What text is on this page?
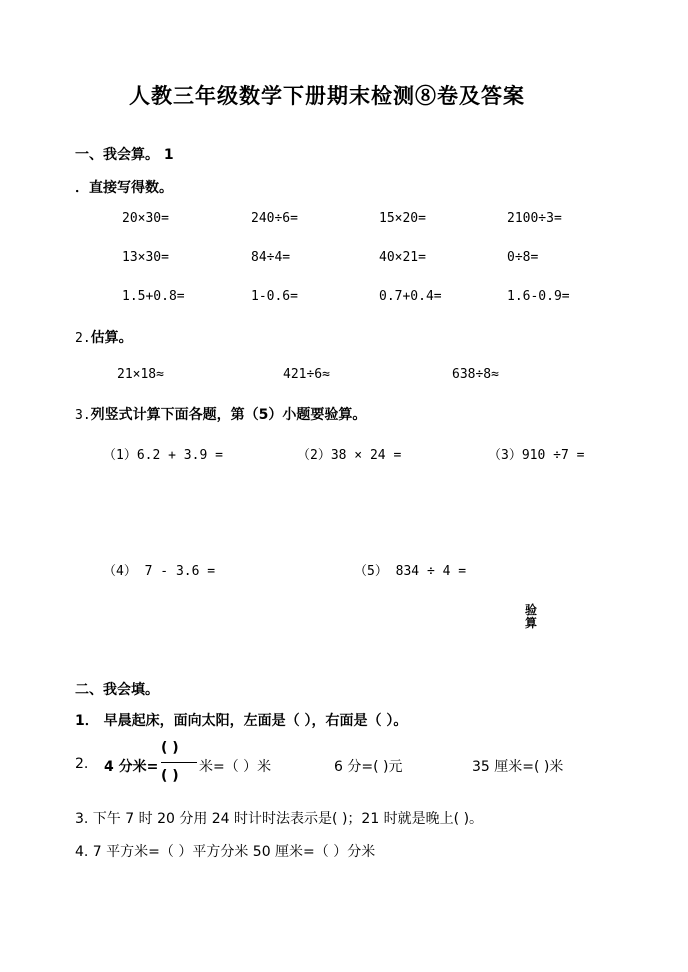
人教三年级数学下册期末检测⑧卷及答案
一、我会算。 1
．直接写得数。
20×30=	240÷6=	15×20=	2100÷3=
13×30=	84÷4=	40×21=	0÷8=
1.5+0.8=	1-0.6=	0.7+0.4=	1.6-0.9=
2.估算。
21×18≈	421÷6≈	638÷8≈
3.列竖式计算下面各题，第（5）小题要验算。
（1）6.2 + 3.9 =	（2）38 × 24 =	（3）910 ÷7 =
（4） 7 - 3.6 =	（5） 834 ÷ 4 =
验
算
二、我会填。
1． 早晨起床，面向太阳，左面是（ ），右面是（ ）。
2. 4 分米=
( )
( )
米=（ ）米	6 分=( )元	35 厘米=( )米
3. 下午 7 时 20 分用 24 时计时法表示是( )；21 时就是晚上( )。
4. 7 平方米=（ ）平方分米 50 厘米=（ ）分米
